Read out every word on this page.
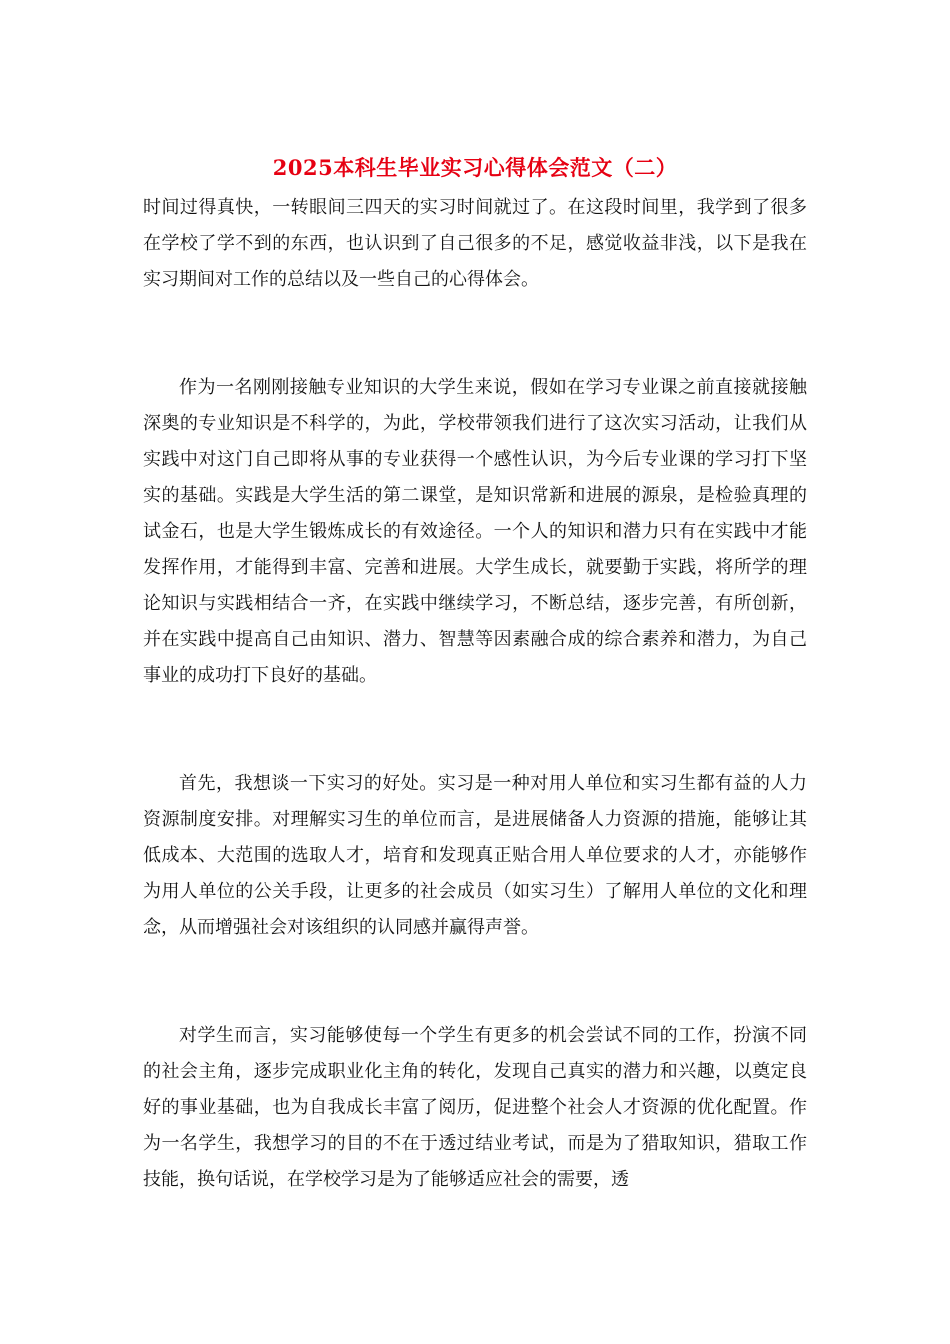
2025本科生毕业实习心得体会范文（二）

时间过得真快，一转眼间三四天的实习时间就过了。在这段时间里，我学到了很多在学校了学不到的东西，也认识到了自己很多的不足，感觉收益非浅，以下是我在实习期间对工作的总结以及一些自己的心得体会。

作为一名刚刚接触专业知识的大学生来说，假如在学习专业课之前直接就接触深奥的专业知识是不科学的，为此，学校带领我们进行了这次实习活动，让我们从实践中对这门自己即将从事的专业获得一个感性认识，为今后专业课的学习打下坚实的基础。实践是大学生活的第二课堂，是知识常新和进展的源泉，是检验真理的试金石，也是大学生锻炼成长的有效途径。一个人的知识和潜力只有在实践中才能发挥作用，才能得到丰富、完善和进展。大学生成长，就要勤于实践，将所学的理论知识与实践相结合一齐，在实践中继续学习，不断总结，逐步完善，有所创新，并在实践中提高自己由知识、潜力、智慧等因素融合成的综合素养和潜力，为自己事业的成功打下良好的基础。

首先，我想谈一下实习的好处。实习是一种对用人单位和实习生都有益的人力资源制度安排。对理解实习生的单位而言，是进展储备人力资源的措施，能够让其低成本、大范围的选取人才，培育和发现真正贴合用人单位要求的人才，亦能够作为用人单位的公关手段，让更多的社会成员（如实习生）了解用人单位的文化和理念，从而增强社会对该组织的认同感并赢得声誉。

对学生而言，实习能够使每一个学生有更多的机会尝试不同的工作，扮演不同的社会主角，逐步完成职业化主角的转化，发现自己真实的潜力和兴趣，以奠定良好的事业基础，也为自我成长丰富了阅历，促进整个社会人才资源的优化配置。作为一名学生，我想学习的目的不在于透过结业考试，而是为了猎取知识，猎取工作技能，换句话说，在学校学习是为了能够适应社会的需要，透
